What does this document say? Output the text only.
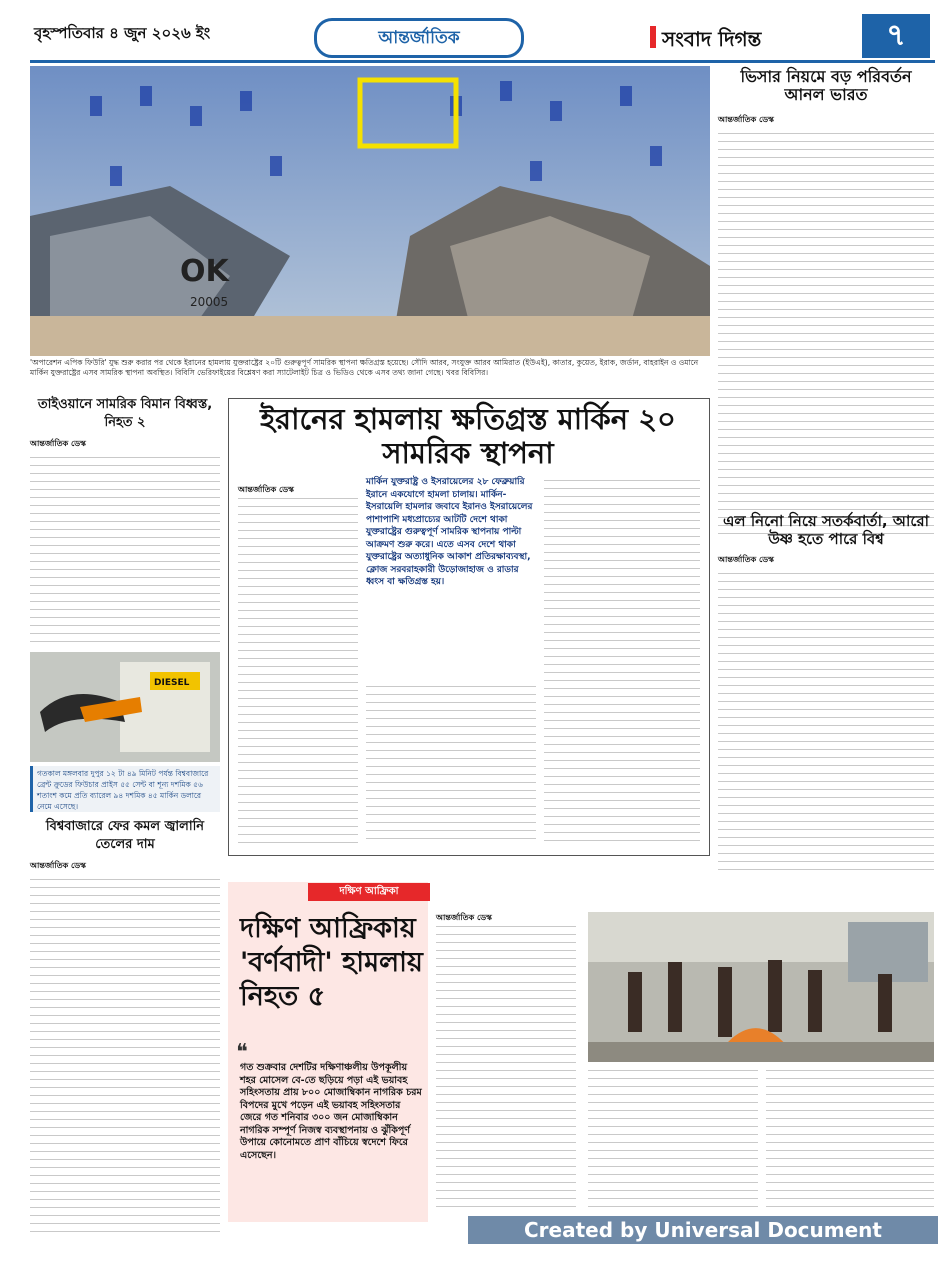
বৃহস্পতিবার ৪ জুন ২০২৬ ইং	আন্তর্জাতিক	সংবাদ দিগন্ত	৭
OK
20005
'অপারেশন এপিক ফিউরি' যুদ্ধ শুরু করার পর থেকে ইরানের হামলায় যুক্তরাষ্ট্রের ২০টি গুরুত্বপূর্ণ সামরিক স্থাপনা ক্ষতিগ্রস্ত হয়েছে। সৌদি আরব, সংযুক্ত আরব আমিরাত (ইউএই), কাতার, কুয়েত, ইরাক, জর্ডান, বাহরাইন ও ওমানে মার্কিন যুক্তরাষ্ট্রের এসব সামরিক স্থাপনা অবস্থিত। বিবিসি ভেরিফাইয়ের বিশ্লেষণ করা স্যাটেলাইট চিত্র ও ভিডিও থেকে এসব তথ্য জানা গেছে। খবর বিবিসির।
ভিসার নিয়মে বড় পরিবর্তন আনল ভারত
আন্তর্জাতিক ডেস্ক
এল নিনো নিয়ে সতর্কবার্তা, আরো উষ্ণ হতে পারে বিশ্ব
আন্তর্জাতিক ডেস্ক
তাইওয়ানে সামরিক বিমান বিধ্বস্ত, নিহত ২
আন্তর্জাতিক ডেস্ক
DIESEL
গতকাল মঙ্গলবার দুপুর ১২ টা ৪৯ মিনিট পর্যন্ত বিশ্ববাজারে ব্রেন্ট ক্রুডের ফিউচার প্রাইস ৫৫ সেন্ট বা শূন্য দশমিক ৫৬ শতাংশ কমে প্রতি ব্যারেল ৯৪ দশমিক ৪৫ মার্কিন ডলারে নেমে এসেছে।
বিশ্ববাজারে ফের কমল জ্বালানি তেলের দাম
আন্তর্জাতিক ডেস্ক
ইরানের হামলায় ক্ষতিগ্রস্ত মার্কিন ২০ সামরিক স্থাপনা
আন্তর্জাতিক ডেস্ক
মার্কিন যুক্তরাষ্ট্র ও ইসরায়েলের ২৮ ফেব্রুয়ারি ইরানে একযোগে হামলা চালায়। মার্কিন-ইসরায়েলি হামলার জবাবে ইরানও ইসরায়েলের পাশাপাশি মধ্যপ্রাচ্যের আটটি দেশে থাকা যুক্তরাষ্ট্রের গুরুত্বপূর্ণ সামরিক স্থাপনায় পাল্টা আক্রমণ শুরু করে। এতে এসব দেশে থাকা যুক্তরাষ্ট্রের অত্যাধুনিক আকাশ প্রতিরক্ষাব্যবস্থা, ক্লোজ সরবরাহকারী উড়োজাহাজ ও রাডার ধ্বংস বা ক্ষতিগ্রস্ত হয়।
দক্ষিণ আফ্রিকা
দক্ষিণ আফ্রিকায় 'বর্ণবাদী' হামলায় নিহত ৫
❝
গত শুক্রবার দেশটির দক্ষিণাঞ্চলীয় উপকূলীয় শহর মোসেল বে-তে ছড়িয়ে পড়া এই ভয়াবহ সহিংসতায় প্রায় ৮০০ মোজাম্বিকান নাগরিক চরম বিপদের মুখে পড়েন এই ভয়াবহ সহিংসতার জেরে গত শনিবার ৩০০ জন মোজাম্বিকান নাগরিক সম্পূর্ণ নিজস্ব ব্যবস্থাপনায় ও ঝুঁকিপূর্ণ উপায়ে কোনোমতে প্রাণ বাঁচিয়ে স্বদেশে ফিরে এসেছেন।
আন্তর্জাতিক ডেস্ক
Created by Universal Document Converter
